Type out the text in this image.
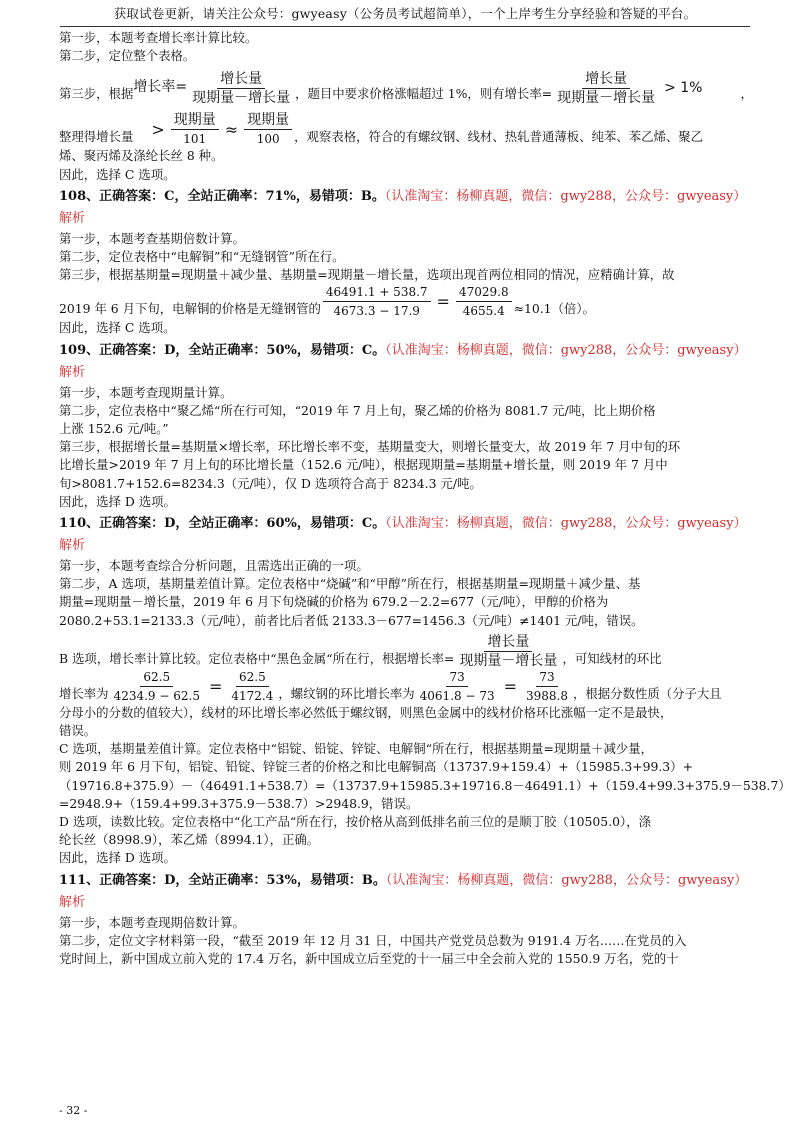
获取试卷更新，请关注公众号：gwyeasy（公务员考试超简单），一个上岸考生分享经验和答疑的平台。
第一步，本题考查增长率计算比较。
第二步，定位整个表格。
第三步，根据 增长率= $\frac{\text{增长量}}{\text{现期量－增长量}}$ ，题目中要求价格涨幅超过 1%，则有增长率= $\frac{\text{增长量}}{\text{现期量－增长量}} > 1\%$	，
整理得增长量 > $\frac{\text{现期量}}{101} \approx \frac{\text{现期量}}{100}$ ，观察表格，符合的有螺纹钢、线材、热轧普通薄板、纯苯、苯乙烯、聚乙
烯、聚丙烯及涤纶长丝 8 种。
因此，选择 C 选项。
108、正确答案：C，全站正确率：71%，易错项：B。（认准淘宝：杨柳真题，微信：gwy288，公众号：gwyeasy）
解析
第一步，本题考查基期倍数计算。
第二步，定位表格中“电解铜”和“无缝钢管”所在行。
第三步，根据基期量=现期量＋减少量、基期量=现期量－增长量，选项出现首两位相同的情况，应精确计算，故
2019 年 6 月下旬，电解铜的价格是无缝钢管的 $\frac{46491.1 + 538.7}{4673.3 - 17.9} = \frac{47029.8}{4655.4} \approx 10.1$（倍）。
因此，选择 C 选项。
109、正确答案：D，全站正确率：50%，易错项：C。（认准淘宝：杨柳真题，微信：gwy288，公众号：gwyeasy）
解析
第一步，本题考查现期量计算。
第二步，定位表格中“聚乙烯“所在行可知，“2019 年 7 月上旬，聚乙烯的价格为 8081.7 元/吨，比上期价格
上涨 152.6 元/吨。”
第三步，根据增长量=基期量×增长率，环比增长率不变，基期量变大，则增长量变大，故 2019 年 7 月中旬的环
比增长量>2019 年 7 月上旬的环比增长量（152.6 元/吨），根据现期量=基期量+增长量，则 2019 年 7 月中
旬>8081.7+152.6=8234.3（元/吨），仅 D 选项符合高于 8234.3 元/吨。
因此，选择 D 选项。
110、正确答案：D，全站正确率：60%，易错项：C。（认准淘宝：杨柳真题，微信：gwy288，公众号：gwyeasy）
解析
第一步，本题考查综合分析问题，且需选出正确的一项。
第二步，A 选项，基期量差值计算。定位表格中“烧碱”和“甲醇”所在行，根据基期量=现期量＋减少量、基
期量=现期量－增长量，2019 年 6 月下旬烧碱的价格为 679.2－2.2=677（元/吨），甲醇的价格为
2080.2+53.1=2133.3（元/吨），前者比后者低 2133.3－677=1456.3（元/吨）≠1401 元/吨，错误。
B 选项，增长率计算比较。定位表格中“黑色金属“所在行，根据增长率= $\frac{\text{增长量}}{\text{现期量－增长量}}$ ，可知线材的环比
增长率为 $\frac{62.5}{4234.9 - 62.5} = \frac{62.5}{4172.4}$ ，螺纹钢的环比增长率为 $\frac{73}{4061.8 - 73} = \frac{73}{3988.8}$ ，根据分数性质（分子大且
分母小的分数的值较大），线材的环比增长率必然低于螺纹钢，则黑色金属中的线材价格环比涨幅一定不是最快，
错误。
C 选项，基期量差值计算。定位表格中“铝锭、铅锭、锌锭、电解铜“所在行，根据基期量=现期量＋减少量，
则 2019 年 6 月下旬，铝锭、铅锭、锌锭三者的价格之和比电解铜高（13737.9+159.4）+（15985.3+99.3）+
（19716.8+375.9）－（46491.1+538.7）=（13737.9+15985.3+19716.8－46491.1）+（159.4+99.3+375.9－538.7）
=2948.9+（159.4+99.3+375.9－538.7）>2948.9，错误。
D 选项，读数比较。定位表格中“化工产品“所在行，按价格从高到低排名前三位的是顺丁胶（10505.0），涤
纶长丝（8998.9），苯乙烯（8994.1），正确。
因此，选择 D 选项。
111、正确答案：D，全站正确率：53%，易错项：B。（认准淘宝：杨柳真题，微信：gwy288，公众号：gwyeasy）
解析
第一步，本题考查现期倍数计算。
第二步，定位文字材料第一段，“截至 2019 年 12 月 31 日，中国共产党党员总数为 9191.4 万名……在党员的入
党时间上，新中国成立前入党的 17.4 万名，新中国成立后至党的十一届三中全会前入党的 1550.9 万名，党的十
- 32 -
